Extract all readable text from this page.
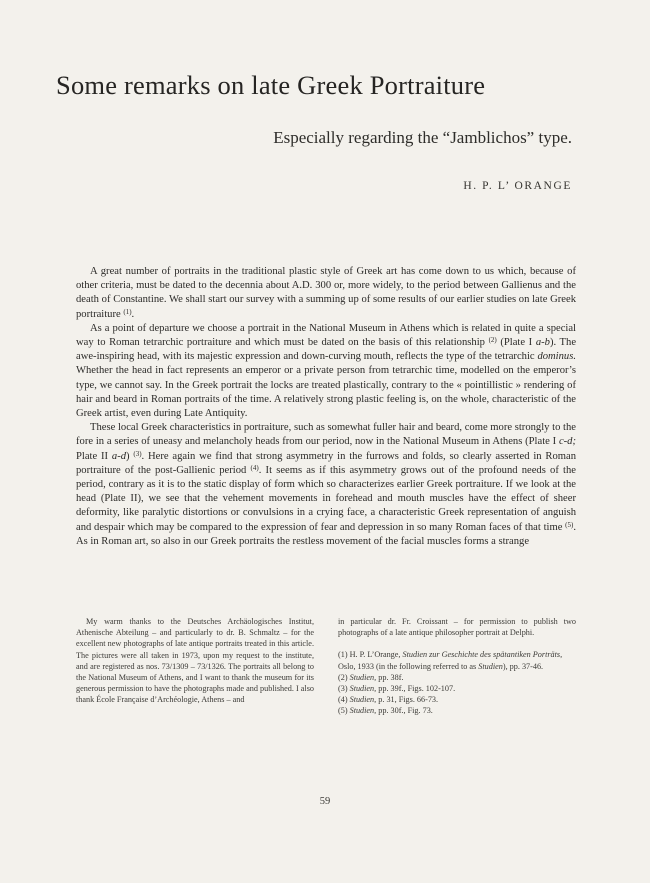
Some remarks on late Greek Portraiture
Especially regarding the “Jamblichos” type.
H. P. L’ ORANGE

A great number of portraits in the traditional plastic style of Greek art has come down to us which, because of other criteria, must be dated to the decennia about A.D. 300 or, more widely, to the period between Gallienus and the death of Constantine. We shall start our survey with a summing up of some results of our earlier studies on late Greek portraiture $^{(1)}$.

As a point of departure we choose a portrait in the National Museum in Athens which is related in quite a special way to Roman tetrarchic portraiture and which must be dated on the basis of this relationship $^{(2)}$ (Plate I a-b). The awe-inspiring head, with its majestic expression and down-curving mouth, reflects the type of the tetrarchic dominus. Whether the head in fact represents an emperor or a private person from tetrarchic time, modelled on the emperor’s type, we cannot say. In the Greek portrait the locks are treated plastically, contrary to the « pointillistic » rendering of hair and beard in Roman portraits of the time. A relatively strong plastic feeling is, on the whole, characteristic of the Greek artist, even during Late Antiquity.

These local Greek characteristics in portraiture, such as somewhat fuller hair and beard, come more strongly to the fore in a series of uneasy and melancholy heads from our period, now in the National Museum in Athens (Plate I c-d; Plate II a-d) $^{(3)}$. Here again we find that strong asymmetry in the furrows and folds, so clearly asserted in Roman portraiture of the post-Gallienic period $^{(4)}$. It seems as if this asymmetry grows out of the profound needs of the period, contrary as it is to the static display of form which so characterizes earlier Greek portraiture. If we look at the head (Plate II), we see that the vehement movements in forehead and mouth muscles have the effect of sheer deformity, like paralytic distortions or convulsions in a crying face, a characteristic Greek representation of anguish and despair which may be compared to the expression of fear and depression in so many Roman faces of that time $^{(5)}$. As in Roman art, so also in our Greek portraits the restless movement of the facial muscles forms a strange

My warm thanks to the Deutsches Archäologisches Institut, Athenische Abteilung – and particularly to dr. B. Schmaltz – for the excellent new photographs of late antique portraits treated in this article. The pictures were all taken in 1973, upon my request to the institute, and are registered as nos. 73/1309 – 73/1326. The portraits all belong to the National Museum of Athens, and I want to thank the museum for its generous permission to have the photographs made and published. I also thank École Française d’Archéologie, Athens – and

in particular dr. Fr. Croissant – for permission to publish two photographs of a late antique philosopher portrait at Delphi.

(1) H. P. L’Orange, Studien zur Geschichte des spätantiken Porträts, Oslo, 1933 (in the following referred to as Studien), pp. 37-46.

(2) Studien, pp. 38f.

(3) Studien, pp. 39f., Figs. 102-107.

(4) Studien, p. 31, Figs. 66-73.

(5) Studien, pp. 30f., Fig. 73.

59
